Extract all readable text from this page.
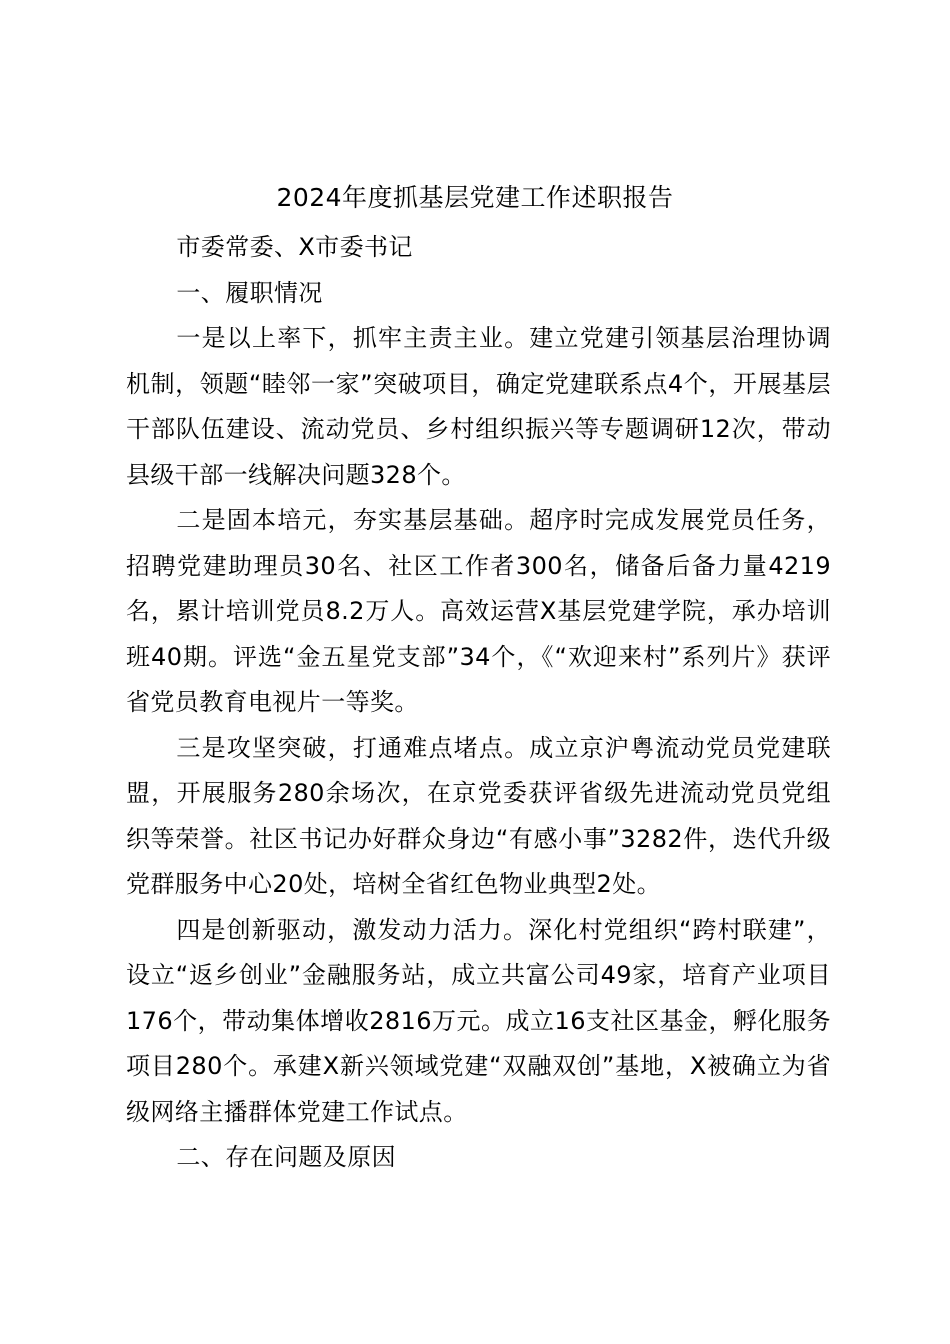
2024年度抓基层党建工作述职报告

市委常委、X市委书记

一、履职情况

一是以上率下，抓牢主责主业。建立党建引领基层治理协调机制，领题“睦邻一家”突破项目，确定党建联系点4个，开展基层干部队伍建设、流动党员、乡村组织振兴等专题调研12次，带动县级干部一线解决问题328个。

二是固本培元，夯实基层基础。超序时完成发展党员任务，招聘党建助理员30名、社区工作者300名，储备后备力量4219名，累计培训党员8.2万人。高效运营X基层党建学院，承办培训班40期。评选“金五星党支部”34个，《“欢迎来村”系列片》获评省党员教育电视片一等奖。

三是攻坚突破，打通难点堵点。成立京沪粤流动党员党建联盟，开展服务280余场次，在京党委获评省级先进流动党员党组织等荣誉。社区书记办好群众身边“有感小事”3282件，迭代升级党群服务中心20处，培树全省红色物业典型2处。

四是创新驱动，激发动力活力。深化村党组织“跨村联建”，设立“返乡创业”金融服务站，成立共富公司49家，培育产业项目176个，带动集体增收2816万元。成立16支社区基金，孵化服务项目280个。承建X新兴领域党建“双融双创”基地，X被确立为省级网络主播群体党建工作试点。

二、存在问题及原因
